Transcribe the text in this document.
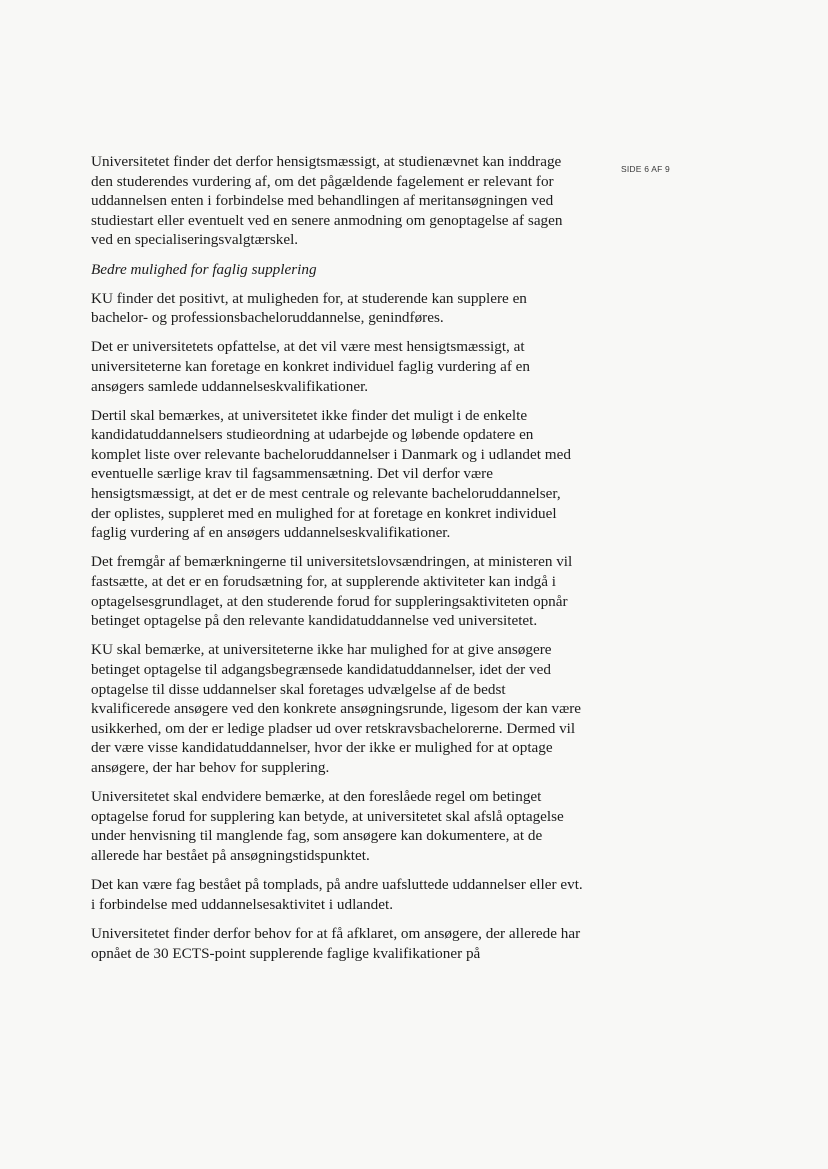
SIDE 6 AF 9

Universitetet finder det derfor hensigtsmæssigt, at studienævnet kan inddrage den studerendes vurdering af, om det pågældende fagelement er relevant for uddannelsen enten i forbindelse med behandlingen af meritansøgningen ved studiestart eller eventuelt ved en senere anmodning om genoptagelse af sagen ved en specialiseringsvalgtærskel.

Bedre mulighed for faglig supplering

KU finder det positivt, at muligheden for, at studerende kan supplere en bachelor- og professionsbacheloruddannelse, genindføres.

Det er universitetets opfattelse, at det vil være mest hensigtsmæssigt, at universiteterne kan foretage en konkret individuel faglig vurdering af en ansøgers samlede uddannelseskvalifikationer.

Dertil skal bemærkes, at universitetet ikke finder det muligt i de enkelte kandidatuddannelsers studieordning at udarbejde og løbende opdatere en komplet liste over relevante bacheloruddannelser i Danmark og i udlandet med eventuelle særlige krav til fagsammensætning. Det vil derfor være hensigtsmæssigt, at det er de mest centrale og relevante bacheloruddannelser, der oplistes, suppleret med en mulighed for at foretage en konkret individuel faglig vurdering af en ansøgers uddannelseskvalifikationer.

Det fremgår af bemærkningerne til universitetslovsændringen, at ministeren vil fastsætte, at det er en forudsætning for, at supplerende aktiviteter kan indgå i optagelsesgrundlaget, at den studerende forud for suppleringsaktiviteten opnår betinget optagelse på den relevante kandidatuddannelse ved universitetet.

KU skal bemærke, at universiteterne ikke har mulighed for at give ansøgere betinget optagelse til adgangsbegrænsede kandidatuddannelser, idet der ved optagelse til disse uddannelser skal foretages udvælgelse af de bedst kvalificerede ansøgere ved den konkrete ansøgningsrunde, ligesom der kan være usikkerhed, om der er ledige pladser ud over retskravsbachelorerne. Dermed vil der være visse kandidatuddannelser, hvor der ikke er mulighed for at optage ansøgere, der har behov for supplering.

Universitetet skal endvidere bemærke, at den foreslåede regel om betinget optagelse forud for supplering kan betyde, at universitetet skal afslå optagelse under henvisning til manglende fag, som ansøgere kan dokumentere, at de allerede har bestået på ansøgningstidspunktet.

Det kan være fag bestået på tomplads, på andre uafsluttede uddannelser eller evt. i forbindelse med uddannelsesaktivitet i udlandet.

Universitetet finder derfor behov for at få afklaret, om ansøgere, der allerede har opnået de 30 ECTS-point supplerende faglige kvalifikationer på
